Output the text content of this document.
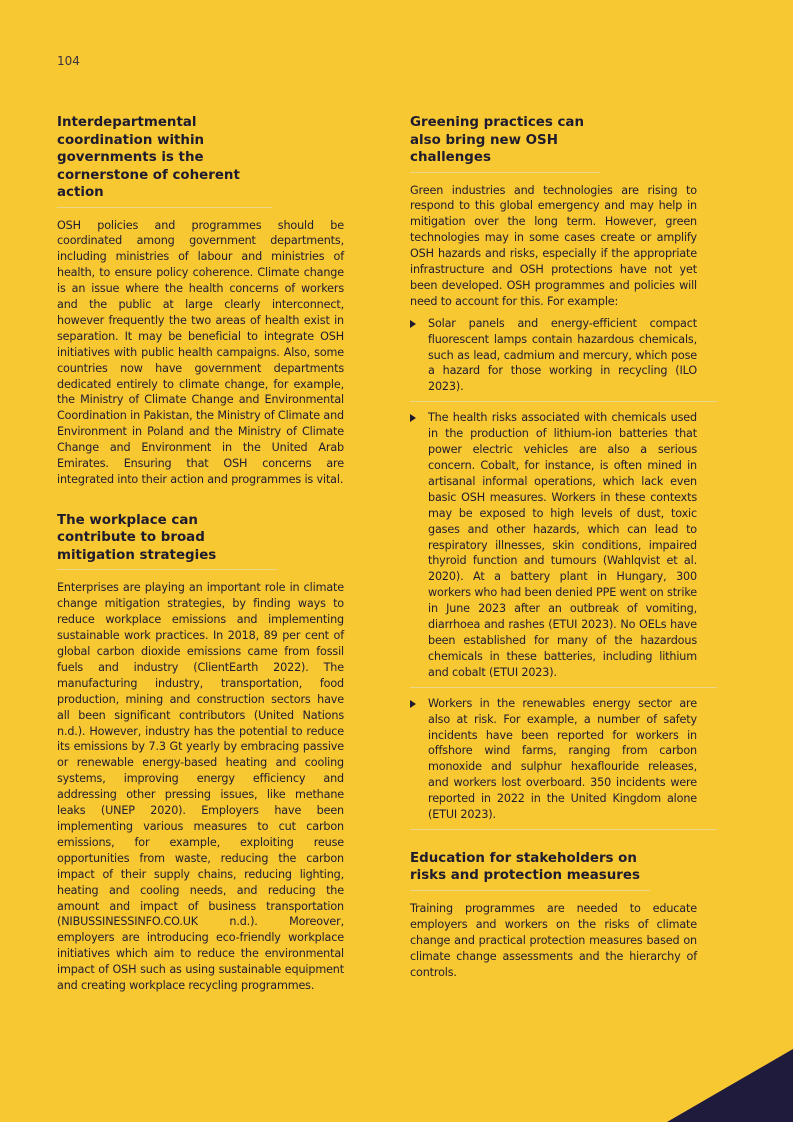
104
Interdepartmental coordination within governments is the cornerstone of coherent action

OSH policies and programmes should be coordinated among government departments, including ministries of labour and ministries of health, to ensure policy coherence. Climate change is an issue where the health concerns of workers and the public at large clearly interconnect, however frequently the two areas of health exist in separation. It may be beneficial to integrate OSH initiatives with public health campaigns. Also, some countries now have government departments dedicated entirely to climate change, for example, the Ministry of Climate Change and Environmental Coordination in Pakistan, the Ministry of Climate and Environment in Poland and the Ministry of Climate Change and Environment in the United Arab Emirates. Ensuring that OSH concerns are integrated into their action and programmes is vital.

The workplace can contribute to broad mitigation strategies

Enterprises are playing an important role in climate change mitigation strategies, by finding ways to reduce workplace emissions and implementing sustainable work practices. In 2018, 89 per cent of global carbon dioxide emissions came from fossil fuels and industry (ClientEarth 2022). The manufacturing industry, transportation, food production, mining and construction sectors have all been significant contributors (United Nations n.d.). However, industry has the potential to reduce its emissions by 7.3 Gt yearly by embracing passive or renewable energy-based heating and cooling systems, improving energy efficiency and addressing other pressing issues, like methane leaks (UNEP 2020). Employers have been implementing various measures to cut carbon emissions, for example, exploiting reuse opportunities from waste, reducing the carbon impact of their supply chains, reducing lighting, heating and cooling needs, and reducing the amount and impact of business transportation (NIBUSSINESSINFO.CO.UK n.d.). Moreover, employers are introducing eco-friendly workplace initiatives which aim to reduce the environmental impact of OSH such as using sustainable equipment and creating workplace recycling programmes.

Greening practices can also bring new OSH challenges

Green industries and technologies are rising to respond to this global emergency and may help in mitigation over the long term. However, green technologies may in some cases create or amplify OSH hazards and risks, especially if the appropriate infrastructure and OSH protections have not yet been developed. OSH programmes and policies will need to account for this. For example:

Solar panels and energy-efficient compact fluorescent lamps contain hazardous chemicals, such as lead, cadmium and mercury, which pose a hazard for those working in recycling (ILO 2023).

The health risks associated with chemicals used in the production of lithium-ion batteries that power electric vehicles are also a serious concern. Cobalt, for instance, is often mined in artisanal informal operations, which lack even basic OSH measures. Workers in these contexts may be exposed to high levels of dust, toxic gases and other hazards, which can lead to respiratory illnesses, skin conditions, impaired thyroid function and tumours (Wahlqvist et al. 2020). At a battery plant in Hungary, 300 workers who had been denied PPE went on strike in June 2023 after an outbreak of vomiting, diarrhoea and rashes (ETUI 2023). No OELs have been established for many of the hazardous chemicals in these batteries, including lithium and cobalt (ETUI 2023).

Workers in the renewables energy sector are also at risk. For example, a number of safety incidents have been reported for workers in offshore wind farms, ranging from carbon monoxide and sulphur hexaflouride releases, and workers lost overboard. 350 incidents were reported in 2022 in the United Kingdom alone (ETUI 2023).

Education for stakeholders on risks and protection measures

Training programmes are needed to educate employers and workers on the risks of climate change and practical protection measures based on climate change assessments and the hierarchy of controls.
